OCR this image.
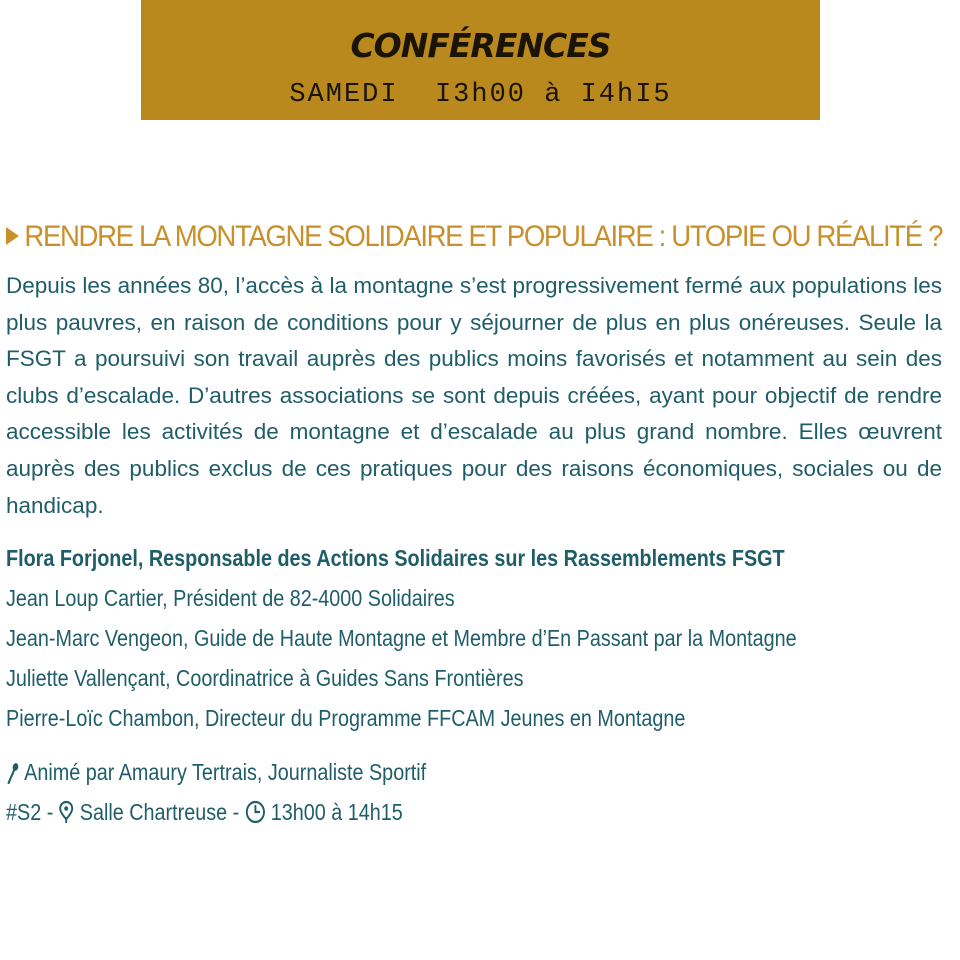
CONFÉRENCES
SAMEDI  I3h00 à I4hI5
RENDRE LA MONTAGNE SOLIDAIRE ET POPULAIRE : UTOPIE OU RÉALITÉ ?
Depuis les années 80, l’accès à la montagne s’est progressivement fermé aux populations les plus pauvres, en raison de conditions pour y séjourner de plus en plus onéreuses. Seule la FSGT a poursuivi son travail auprès des publics moins favorisés et notamment au sein des clubs d’escalade. D’autres associations se sont depuis créées, ayant pour objectif de rendre accessible les activités de montagne et d’escalade au plus grand nombre. Elles œuvrent auprès des publics exclus de ces pratiques pour des raisons économiques, sociales ou de handicap.
Flora Forjonel, Responsable des Actions Solidaires sur les Rassemblements FSGT
Jean Loup Cartier, Président de 82-4000 Solidaires
Jean-Marc Vengeon, Guide de Haute Montagne et Membre d’En Passant par la Montagne
Juliette Vallençant, Coordinatrice à Guides Sans Frontières
Pierre-Loïc Chambon, Directeur du Programme FFCAM Jeunes en Montagne
Animé par Amaury Tertrais, Journaliste Sportif
#S2 - Salle Chartreuse - 13h00 à 14h15
